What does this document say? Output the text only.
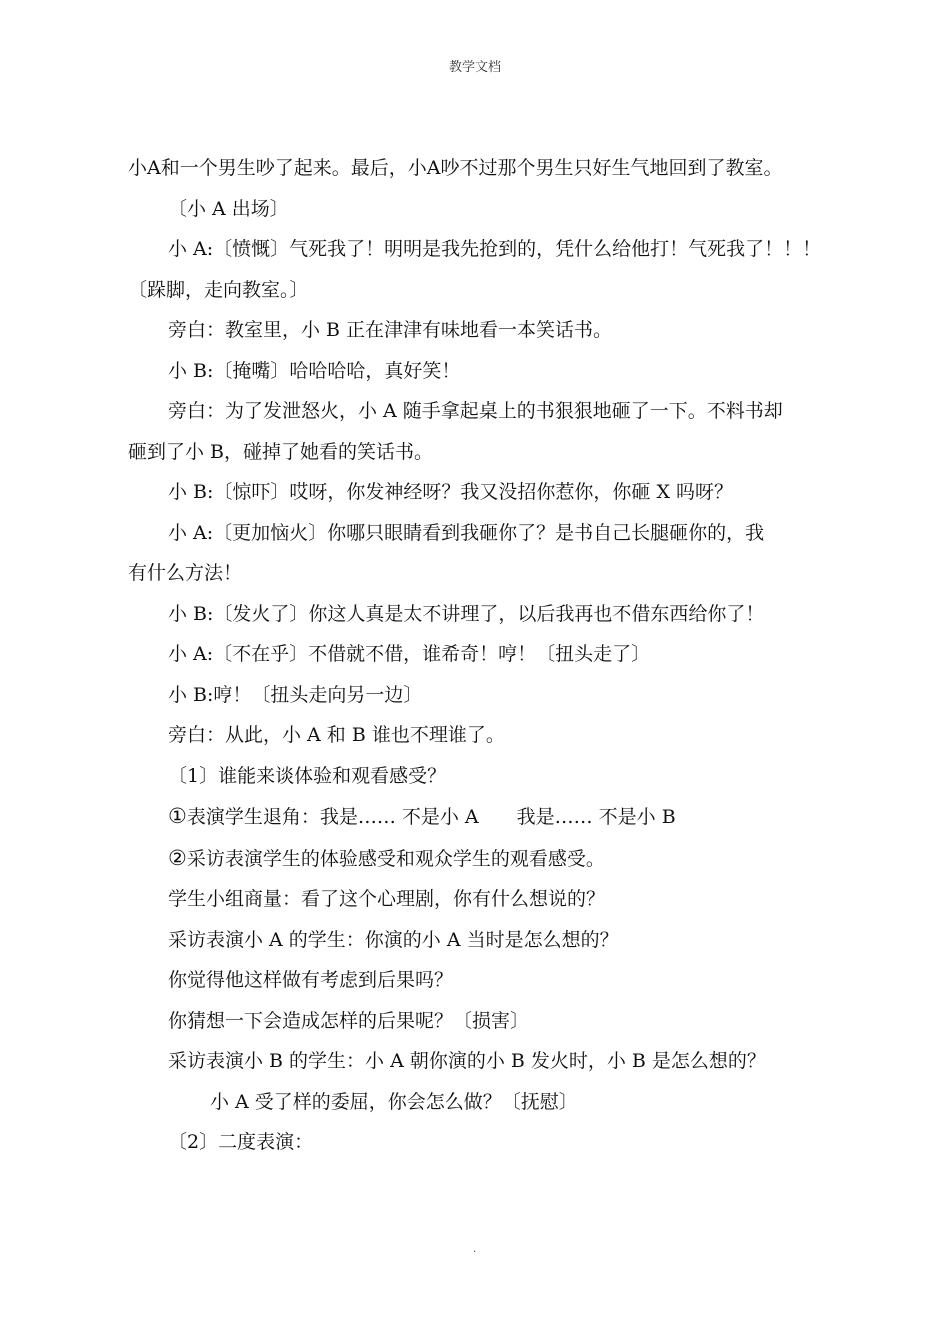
教学文档
小A和一个男生吵了起来。最后，小A吵不过那个男生只好生气地回到了教室。
〔小 A 出场〕
小 A:〔愤慨〕气死我了！明明是我先抢到的，凭什么给他打！气死我了！！！
〔跺脚，走向教室。〕
旁白：教室里，小 B 正在津津有味地看一本笑话书。
小 B:〔掩嘴〕哈哈哈哈，真好笑！
旁白：为了发泄怒火，小 A 随手拿起桌上的书狠狠地砸了一下。不料书却
砸到了小 B，碰掉了她看的笑话书。
小 B:〔惊吓〕哎呀，你发神经呀？我又没招你惹你，你砸 X 吗呀？
小 A:〔更加恼火〕你哪只眼睛看到我砸你了？是书自己长腿砸你的，我
有什么方法！
小 B:〔发火了〕你这人真是太不讲理了，以后我再也不借东西给你了！
小 A:〔不在乎〕不借就不借，谁希奇！哼！〔扭头走了〕
小 B:哼！〔扭头走向另一边〕
旁白：从此，小 A 和 B 谁也不理谁了。
〔1〕谁能来谈体验和观看感受？
①表演学生退角：我是…… 不是小 A 我是…… 不是小 B
②采访表演学生的体验感受和观众学生的观看感受。
学生小组商量：看了这个心理剧，你有什么想说的？
采访表演小 A 的学生：你演的小 A 当时是怎么想的？
你觉得他这样做有考虑到后果吗？
你猜想一下会造成怎样的后果呢？〔损害〕
采访表演小 B 的学生：小 A 朝你演的小 B 发火时，小 B 是怎么想的？
小 A 受了样的委屈，你会怎么做？〔抚慰〕
〔2〕二度表演：
.
